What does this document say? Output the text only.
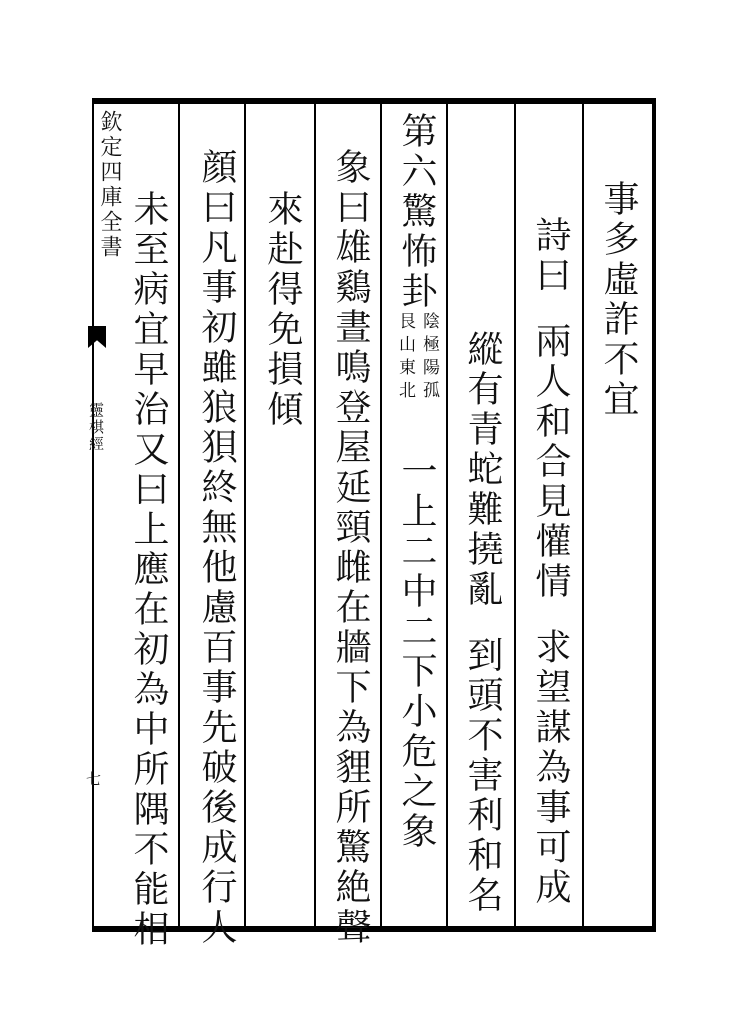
欽定四庫全書
靈棋經
七
事多虛詐不宜
詩曰兩人和合見懽情求望謀為事可成
縱有青蛇難撓亂到頭不害利和名
第六驚怖卦
陰極陽孤
艮山東北
一上二中二下小危之象
象曰雄鷄晝鳴登屋延頸雌在牆下為貍所驚絶聲
來赴得免損傾
顔曰凡事初雖狼狽終無他慮百事先破後成行人
未至病宜早治又曰上應在初為中所隅不能相
